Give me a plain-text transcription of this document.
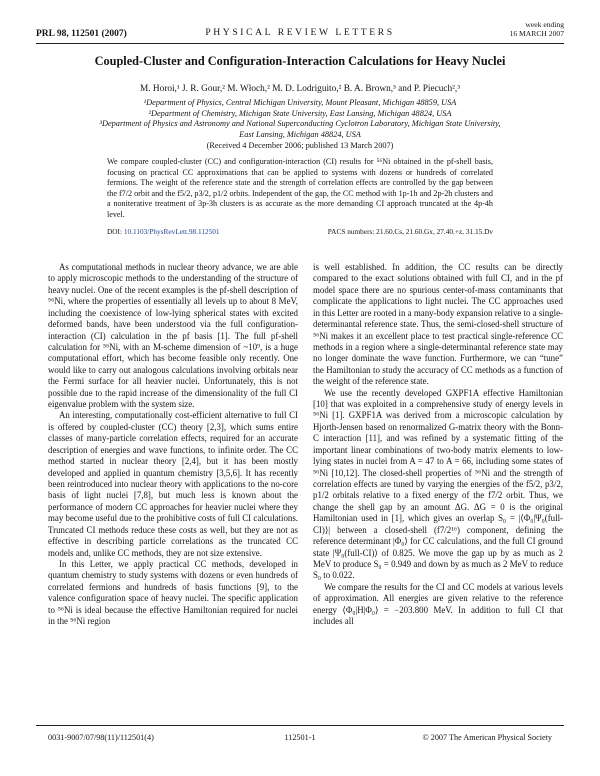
PRL 98, 112501 (2007)	PHYSICAL REVIEW LETTERS
week ending
16 MARCH 2007
Coupled-Cluster and Configuration-Interaction Calculations for Heavy Nuclei
M. Horoi,¹ J. R. Gour,² M. Włoch,² M. D. Lodriguito,² B. A. Brown,³ and P. Piecuch²,³
¹Department of Physics, Central Michigan University, Mount Pleasant, Michigan 48859, USA
²Department of Chemistry, Michigan State University, East Lansing, Michigan 48824, USA
³Department of Physics and Astronomy and National Superconducting Cyclotron Laboratory, Michigan State University,
East Lansing, Michigan 48824, USA
(Received 4 December 2006; published 13 March 2007)
We compare coupled-cluster (CC) and configuration-interaction (CI) results for ⁵⁶Ni obtained in the pf-shell basis, focusing on practical CC approximations that can be applied to systems with dozens or hundreds of correlated fermions. The weight of the reference state and the strength of correlation effects are controlled by the gap between the f7/2 orbit and the f5/2, p3/2, p1/2 orbits. Independent of the gap, the CC method with 1p-1h and 2p-2h clusters and a noniterative treatment of 3p-3h clusters is as accurate as the more demanding CI approach truncated at the 4p-4h level.
DOI: 10.1103/PhysRevLett.98.112501	PACS numbers: 21.60.Cs, 21.60.Gx, 27.40.+z, 31.15.Dv

As computational methods in nuclear theory advance, we are able to apply microscopic methods to the understanding of the structure of heavy nuclei. One of the recent examples is the pf-shell description of ⁵⁶Ni, where the properties of essentially all levels up to about 8 MeV, including the coexistence of low-lying spherical states with excited deformed bands, have been understood via the full configuration-interaction (CI) calculation in the pf basis [1]. The full pf-shell calculation for ⁵⁶Ni, with an M-scheme dimension of ~10⁹, is a huge computational effort, which has become feasible only recently. One would like to carry out analogous calculations involving orbitals near the Fermi surface for all heavier nuclei. Unfortunately, this is not possible due to the rapid increase of the dimensionality of the full CI eigenvalue problem with the system size.

An interesting, computationally cost-efficient alternative to full CI is offered by coupled-cluster (CC) theory [2,3], which sums entire classes of many-particle correlation effects, required for an accurate description of energies and wave functions, to infinite order. The CC method started in nuclear theory [2,4], but it has been mostly developed and applied in quantum chemistry [3,5,6]. It has recently been reintroduced into nuclear theory with applications to the no-core basis of light nuclei [7,8], but much less is known about the performance of modern CC approaches for heavier nuclei where they may become useful due to the prohibitive costs of full CI calculations. Truncated CI methods reduce these costs as well, but they are not as effective in describing particle correlations as the truncated CC models and, unlike CC methods, they are not size extensive.

In this Letter, we apply practical CC methods, developed in quantum chemistry to study systems with dozens or even hundreds of correlated fermions and hundreds of basis functions [9], to the valence configuration space of heavy nuclei. The specific application to ⁵⁶Ni is ideal because the effective Hamiltonian required for nuclei in the ⁵⁶Ni region

is well established. In addition, the CC results can be directly compared to the exact solutions obtained with full CI, and in the pf model space there are no spurious center-of-mass contaminants that complicate the applications to light nuclei. The CC approaches used in this Letter are rooted in a many-body expansion relative to a single-determinantal reference state. Thus, the semi-closed-shell structure of ⁵⁶Ni makes it an excellent place to test practical single-reference CC methods in a region where a single-determinantal reference state may no longer dominate the wave function. Furthermore, we can “tune” the Hamiltonian to study the accuracy of CC methods as a function of the weight of the reference state.

We use the recently developed GXPF1A effective Hamiltonian [10] that was exploited in a comprehensive study of energy levels in ⁵⁶Ni [1]. GXPF1A was derived from a microscopic calculation by Hjorth-Jensen based on renormalized G-matrix theory with the Bonn-C interaction [11], and was refined by a systematic fitting of the important linear combinations of two-body matrix elements to low-lying states in nuclei from A = 47 to A = 66, including some states of ⁵⁶Ni [10,12]. The closed-shell properties of ⁵⁶Ni and the strength of correlation effects are tuned by varying the energies of the f5/2, p3/2, p1/2 orbitals relative to a fixed energy of the f7/2 orbit. Thus, we change the shell gap by an amount ΔG. ΔG = 0 is the original Hamiltonian used in [1], which gives an overlap S₀ = |⟨Φ₀|Ψ₀(full-CI)⟩| between a closed-shell (f7/2¹⁶) component, defining the reference determinant |Φ₀⟩ for CC calculations, and the full CI ground state |Ψ₀(full-CI)⟩ of 0.825. We move the gap up by as much as 2 MeV to produce S₀ = 0.949 and down by as much as 2 MeV to reduce S₀ to 0.022.

We compare the results for the CI and CC models at various levels of approximation. All energies are given relative to the reference energy ⟨Φ₀|H|Φ₀⟩ = −203.800 MeV. In addition to full CI that includes all

0031-9007/07/98(11)/112501(4)	112501-1	© 2007 The American Physical Society
